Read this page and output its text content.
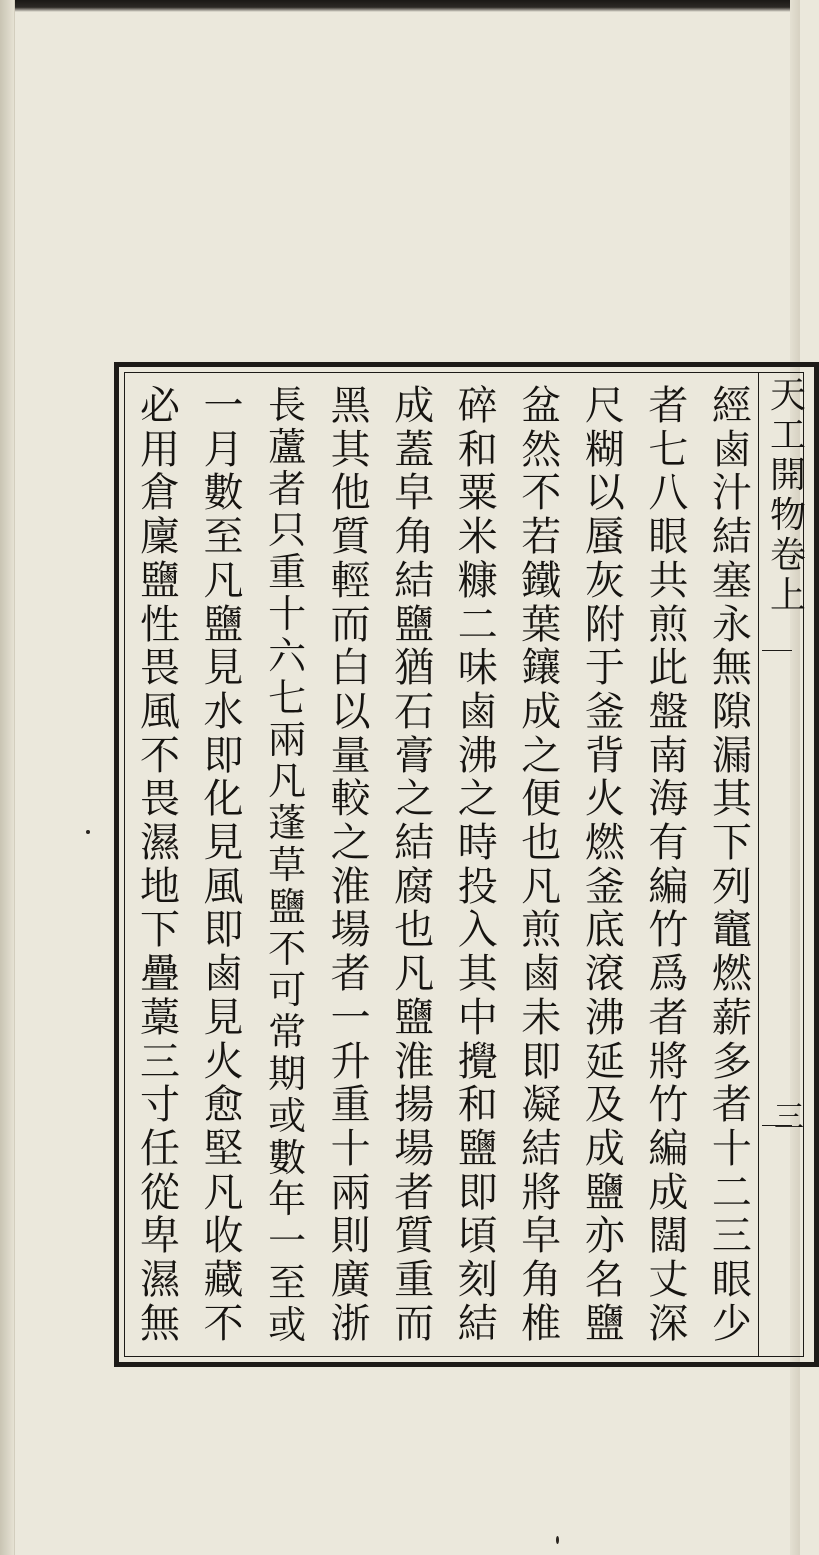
天
工
開
物
卷
上
三
經
鹵
汁
結
塞
永
無
隙
漏
其
下
列
竈
燃
薪
多
者
十
二
三
眼
少
者
七
八
眼
共
煎
此
盤
南
海
有
編
竹
爲
者
將
竹
編
成
闊
丈
深
尺
糊
以
蜃
灰
附
于
釜
背
火
燃
釜
底
滾
沸
延
及
成
鹽
亦
名
鹽
盆
然
不
若
鐵
葉
鑲
成
之
便
也
凡
煎
鹵
未
即
凝
結
將
皁
角
椎
碎
和
粟
米
糠
二
味
鹵
沸
之
時
投
入
其
中
攪
和
鹽
即
頃
刻
結
成
蓋
皁
角
結
鹽
猶
石
膏
之
結
腐
也
凡
鹽
淮
揚
場
者
質
重
而
黑
其
他
質
輕
而
白
以
量
較
之
淮
場
者
一
升
重
十
兩
則
廣
浙
長
蘆
者
只
重
十
六
七
兩
凡
蓬
草
鹽
不
可
常
期
或
數
年
一
至
或
一
月
數
至
凡
鹽
見
水
即
化
見
風
即
鹵
見
火
愈
堅
凡
收
藏
不
必
用
倉
廩
鹽
性
畏
風
不
畏
濕
地
下
疊
藁
三
寸
任
從
卑
濕
無
